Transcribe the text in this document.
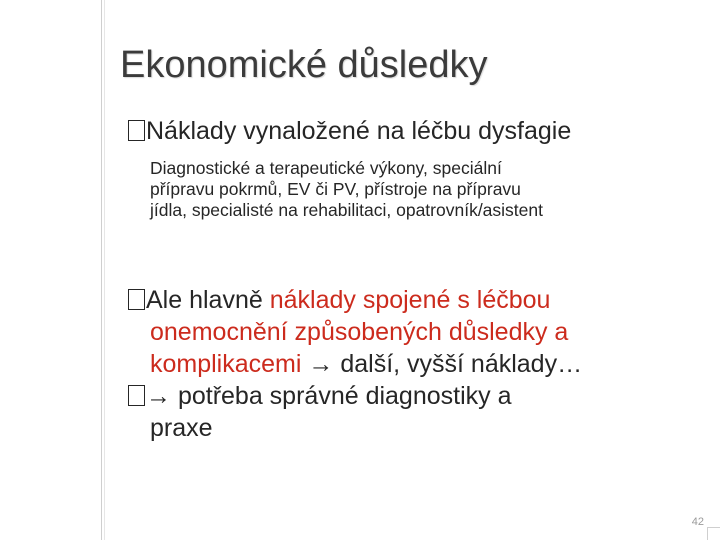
Ekonomické důsledky
Náklady vynaložené na léčbu dysfagie
Diagnostické a terapeutické výkony, speciální
přípravu pokrmů, EV či PV, přístroje na přípravu
jídla, specialisté na rehabilitaci, opatrovník/asistent
Ale hlavně náklady spojené s léčbou
onemocnění způsobených důsledky a
komplikacemi → další, vyšší náklady…
→ potřeba správné diagnostiky a
praxe
42
